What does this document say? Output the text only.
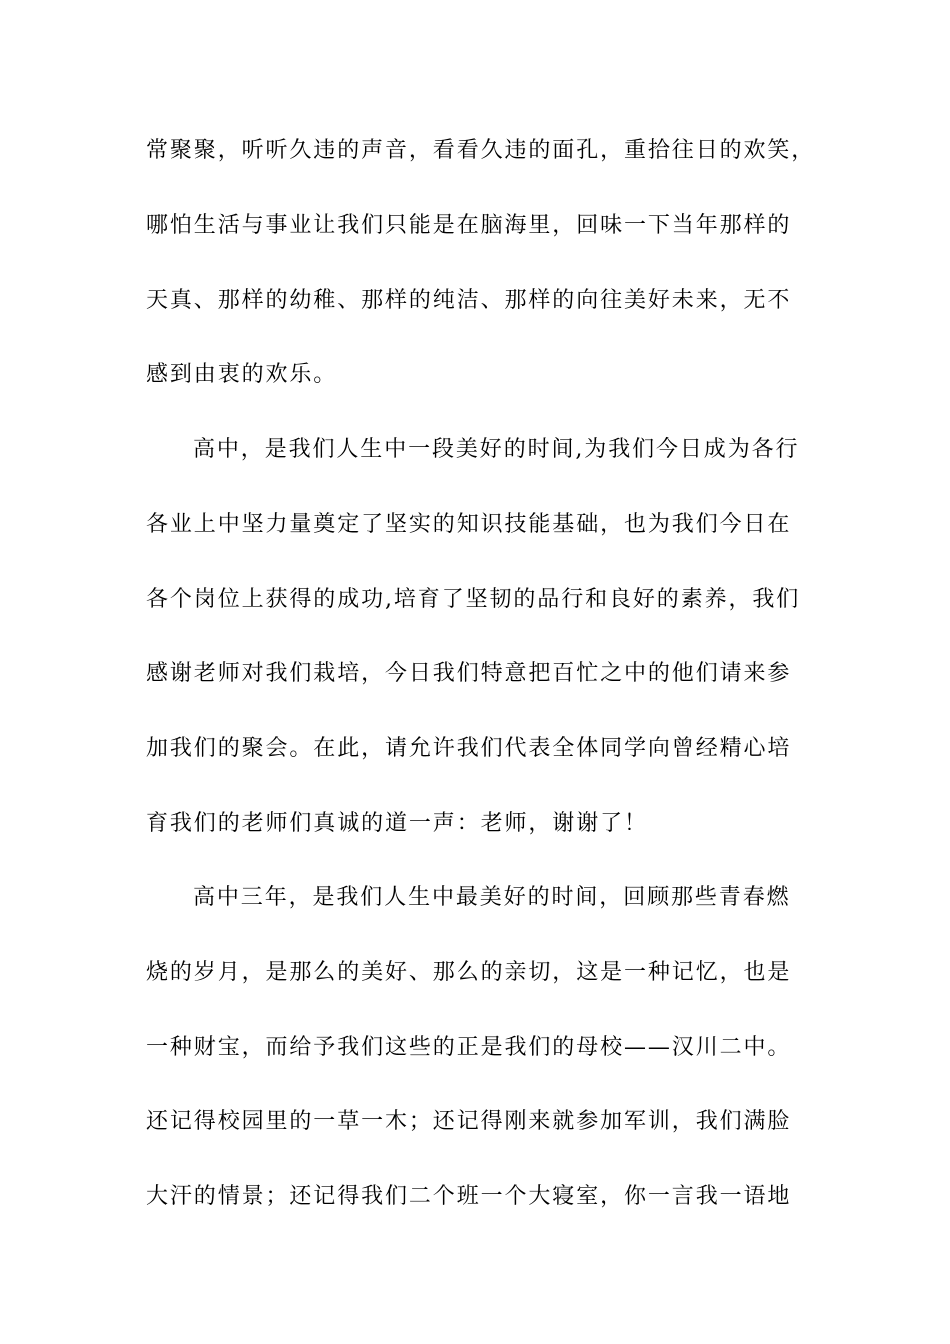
常聚聚，听听久违的声音，看看久违的面孔，重拾往日的欢笑，
哪怕生活与事业让我们只能是在脑海里，回味一下当年那样的
天真、那样的幼稚、那样的纯洁、那样的向往美好未来，无不
感到由衷的欢乐。
高中，是我们人生中一段美好的时间,为我们今日成为各行
各业上中坚力量奠定了坚实的知识技能基础，也为我们今日在
各个岗位上获得的成功,培育了坚韧的品行和良好的素养，我们
感谢老师对我们栽培，今日我们特意把百忙之中的他们请来参
加我们的聚会。在此，请允许我们代表全体同学向曾经精心培
育我们的老师们真诚的道一声：老师，谢谢了！
高中三年，是我们人生中最美好的时间，回顾那些青春燃
烧的岁月，是那么的美好、那么的亲切，这是一种记忆，也是
一种财宝，而给予我们这些的正是我们的母校——汉川二中。
还记得校园里的一草一木；还记得刚来就参加军训，我们满脸
大汗的情景；还记得我们二个班一个大寝室，你一言我一语地
